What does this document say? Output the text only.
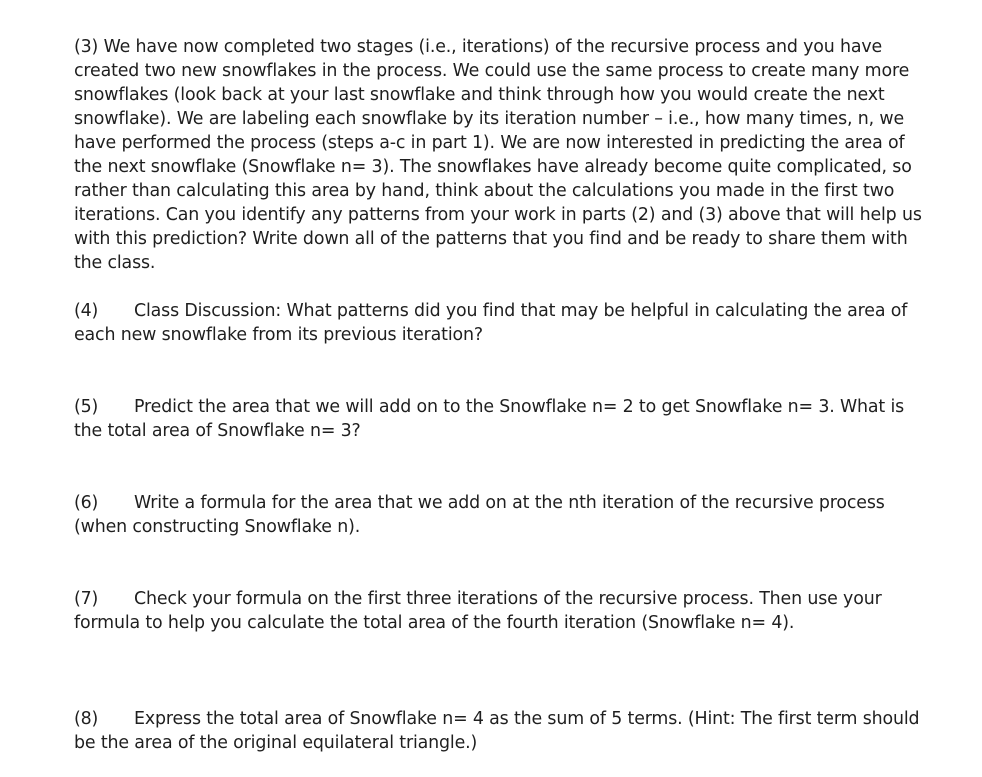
(3) We have now completed two stages (i.e., iterations) of the recursive process and you have created two new snowflakes in the process. We could use the same process to create many more snowflakes (look back at your last snowflake and think through how you would create the next snowflake). We are labeling each snowflake by its iteration number – i.e., how many times, n, we have performed the process (steps a-c in part 1). We are now interested in predicting the area of the next snowflake (Snowflake n= 3). The snowflakes have already become quite complicated, so rather than calculating this area by hand, think about the calculations you made in the first two iterations. Can you identify any patterns from your work in parts (2) and (3) above that will help us with this prediction? Write down all of the patterns that you find and be ready to share them with the class.

(4) Class Discussion: What patterns did you find that may be helpful in calculating the area of each new snowflake from its previous iteration?

(5) Predict the area that we will add on to the Snowflake n= 2 to get Snowflake n= 3. What is the total area of Snowflake n= 3?

(6) Write a formula for the area that we add on at the nth iteration of the recursive process (when constructing Snowflake n).

(7) Check your formula on the first three iterations of the recursive process. Then use your formula to help you calculate the total area of the fourth iteration (Snowflake n= 4).

(8) Express the total area of Snowflake n= 4 as the sum of 5 terms. (Hint: The first term should be the area of the original equilateral triangle.)
